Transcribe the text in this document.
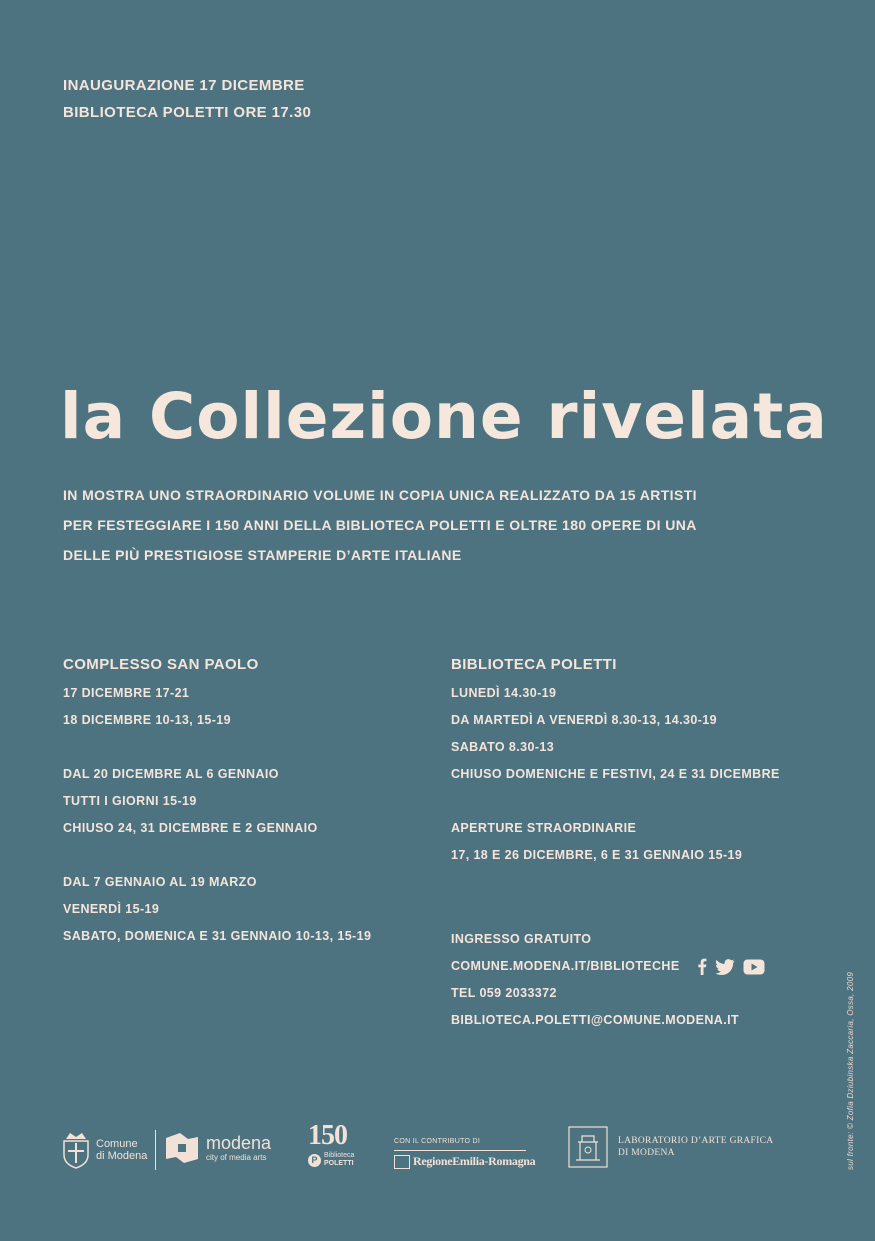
INAUGURAZIONE 17 DICEMBRE
BIBLIOTECA POLETTI ORE 17.30
la Collezione rivelata
IN MOSTRA UNO STRAORDINARIO VOLUME IN COPIA UNICA REALIZZATO DA 15 ARTISTI
PER FESTEGGIARE I 150 ANNI DELLA BIBLIOTECA POLETTI E OLTRE 180 OPERE DI UNA
DELLE PIÙ PRESTIGIOSE STAMPERIE D’ARTE ITALIANE
COMPLESSO SAN PAOLO

17 DICEMBRE 17-21

18 DICEMBRE 10-13, 15-19

DAL 20 DICEMBRE AL 6 GENNAIO

TUTTI I GIORNI 15-19

CHIUSO 24, 31 DICEMBRE E 2 GENNAIO

DAL 7 GENNAIO AL 19 MARZO

VENERDÌ 15-19

SABATO, DOMENICA E 31 GENNAIO 10-13, 15-19

BIBLIOTECA POLETTI

LUNEDÌ 14.30-19

DA MARTEDÌ A VENERDÌ 8.30-13, 14.30-19

SABATO 8.30-13

CHIUSO DOMENICHE E FESTIVI, 24 E 31 DICEMBRE

APERTURE STRAORDINARIE

17, 18 E 26 DICEMBRE, 6 E 31 GENNAIO 15-19

INGRESSO GRATUITO

COMUNE.MODENA.IT/BIBLIOTECHE

TEL 059 2033372

BIBLIOTECA.POLETTI@COMUNE.MODENA.IT	sul fronte: © Zofia Dziubinska Zaccaria, Ossa, 2009
Comune
di Modena
modena
city of media arts
150
P Biblioteca
POLETTI
CON IL CONTRIBUTO DI
RegioneEmilia-Romagna
LABORATORIO D’ARTE GRAFICA
DI MODENA
